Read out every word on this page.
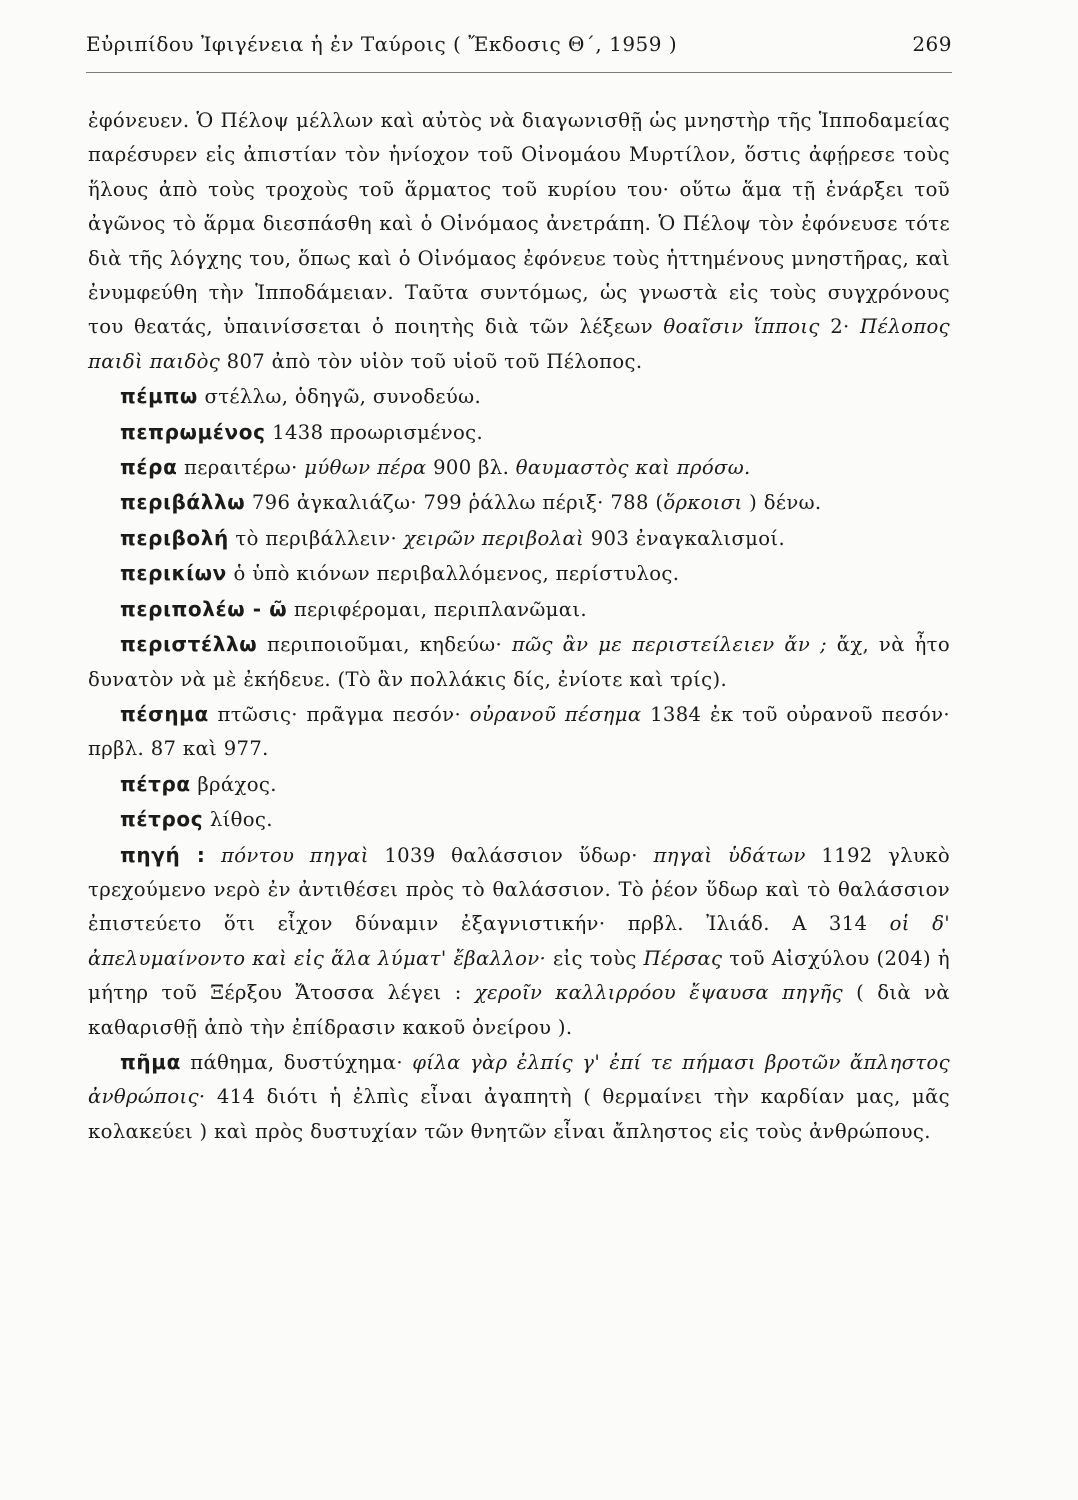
Εὐριπίδου Ἰφιγένεια ἡ ἐν Ταύροις ( Ἔκδοσις Θ΄, 1959 )	269

ἐφόνευεν. Ὁ Πέλοψ μέλλων καὶ αὐτὸς νὰ διαγωνισθῇ ὡς μνηστὴρ τῆς Ἱπποδαμείας παρέσυρεν εἰς ἀπιστίαν τὸν ἡνίοχον τοῦ Οἰνομάου Μυρτίλον, ὅστις ἀφῄρεσε τοὺς ἥλους ἀπὸ τοὺς τροχοὺς τοῦ ἅρματος τοῦ κυρίου του· οὕτω ἅμα τῇ ἐνάρξει τοῦ ἀγῶνος τὸ ἅρμα διεσπάσθη καὶ ὁ Οἰνόμαος ἀνετράπη. Ὁ Πέλοψ τὸν ἐφόνευσε τότε διὰ τῆς λόγχης του, ὅπως καὶ ὁ Οἰνόμαος ἐφόνευε τοὺς ἡττημένους μνηστῆρας, καὶ ἐνυμφεύθη τὴν Ἱπποδάμειαν. Ταῦτα συντόμως, ὡς γνωστὰ εἰς τοὺς συγχρόνους του θεατάς, ὑπαινίσσεται ὁ ποιητὴς διὰ τῶν λέξεων θοαῖσιν ἵπποις 2· Πέλοπος παιδὶ παιδὸς 807 ἀπὸ τὸν υἱὸν τοῦ υἱοῦ τοῦ Πέλοπος.

πέμπω στέλλω, ὁδηγῶ, συνοδεύω.

πεπρωμένος 1438 προωρισμένος.

πέρα περαιτέρω· μύθων πέρα 900 βλ. θαυμαστὸς καὶ πρόσω.

περιβάλλω 796 ἀγκαλιάζω· 799 ῥάλλω πέριξ· 788 (ὅρκοισι ) δένω.

περιβολή τὸ περιβάλλειν· χειρῶν περιβολαὶ 903 ἐναγκαλισμοί.

περικίων ὁ ὑπὸ κιόνων περιβαλλόμενος, περίστυλος.

περιπολέω - ῶ περιφέρομαι, περιπλανῶμαι.

περιστέλλω περιποιοῦμαι, κηδεύω· πῶς ἂν με περιστείλειεν ἄν ; ἄχ, νὰ ἦτο δυνατὸν νὰ μὲ ἐκήδευε. (Τὸ ἂν πολλάκις δίς, ἐνίοτε καὶ τρίς).

πέσημα πτῶσις· πρᾶγμα πεσόν· οὐρανοῦ πέσημα 1384 ἐκ τοῦ οὐρανοῦ πεσόν· πρβλ. 87 καὶ 977.

πέτρα βράχος.

πέτρος λίθος.

πηγή : πόντου πηγαὶ 1039 θαλάσσιον ὕδωρ· πηγαὶ ὑδάτων 1192 γλυκὸ τρεχούμενο νερὸ ἐν ἀντιθέσει πρὸς τὸ θαλάσσιον. Τὸ ῥέον ὕδωρ καὶ τὸ θαλάσσιον ἐπιστεύετο ὅτι εἶχον δύναμιν ἐξαγνιστικήν· πρβλ. Ἰλιάδ. Α 314 οἱ δ' ἀπελυμαίνοντο καὶ εἰς ἅλα λύματ' ἔβαλλον· εἰς τοὺς Πέρσας τοῦ Αἰσχύλου (204) ἡ μήτηρ τοῦ Ξέρξου Ἄτοσσα λέγει : χεροῖν καλλιρρόου ἔψαυσα πηγῆς ( διὰ νὰ καθαρισθῇ ἀπὸ τὴν ἐπίδρασιν κακοῦ ὀνείρου ).

πῆμα πάθημα, δυστύχημα· φίλα γὰρ ἐλπίς γ' ἐπί τε πήμασι βροτῶν ἄπληστος ἀνθρώποις· 414 διότι ἡ ἐλπὶς εἶναι ἀγαπητὴ ( θερμαίνει τὴν καρδίαν μας, μᾶς κολακεύει ) καὶ πρὸς δυστυχίαν τῶν θνητῶν εἶναι ἄπληστος εἰς τοὺς ἀνθρώπους.
